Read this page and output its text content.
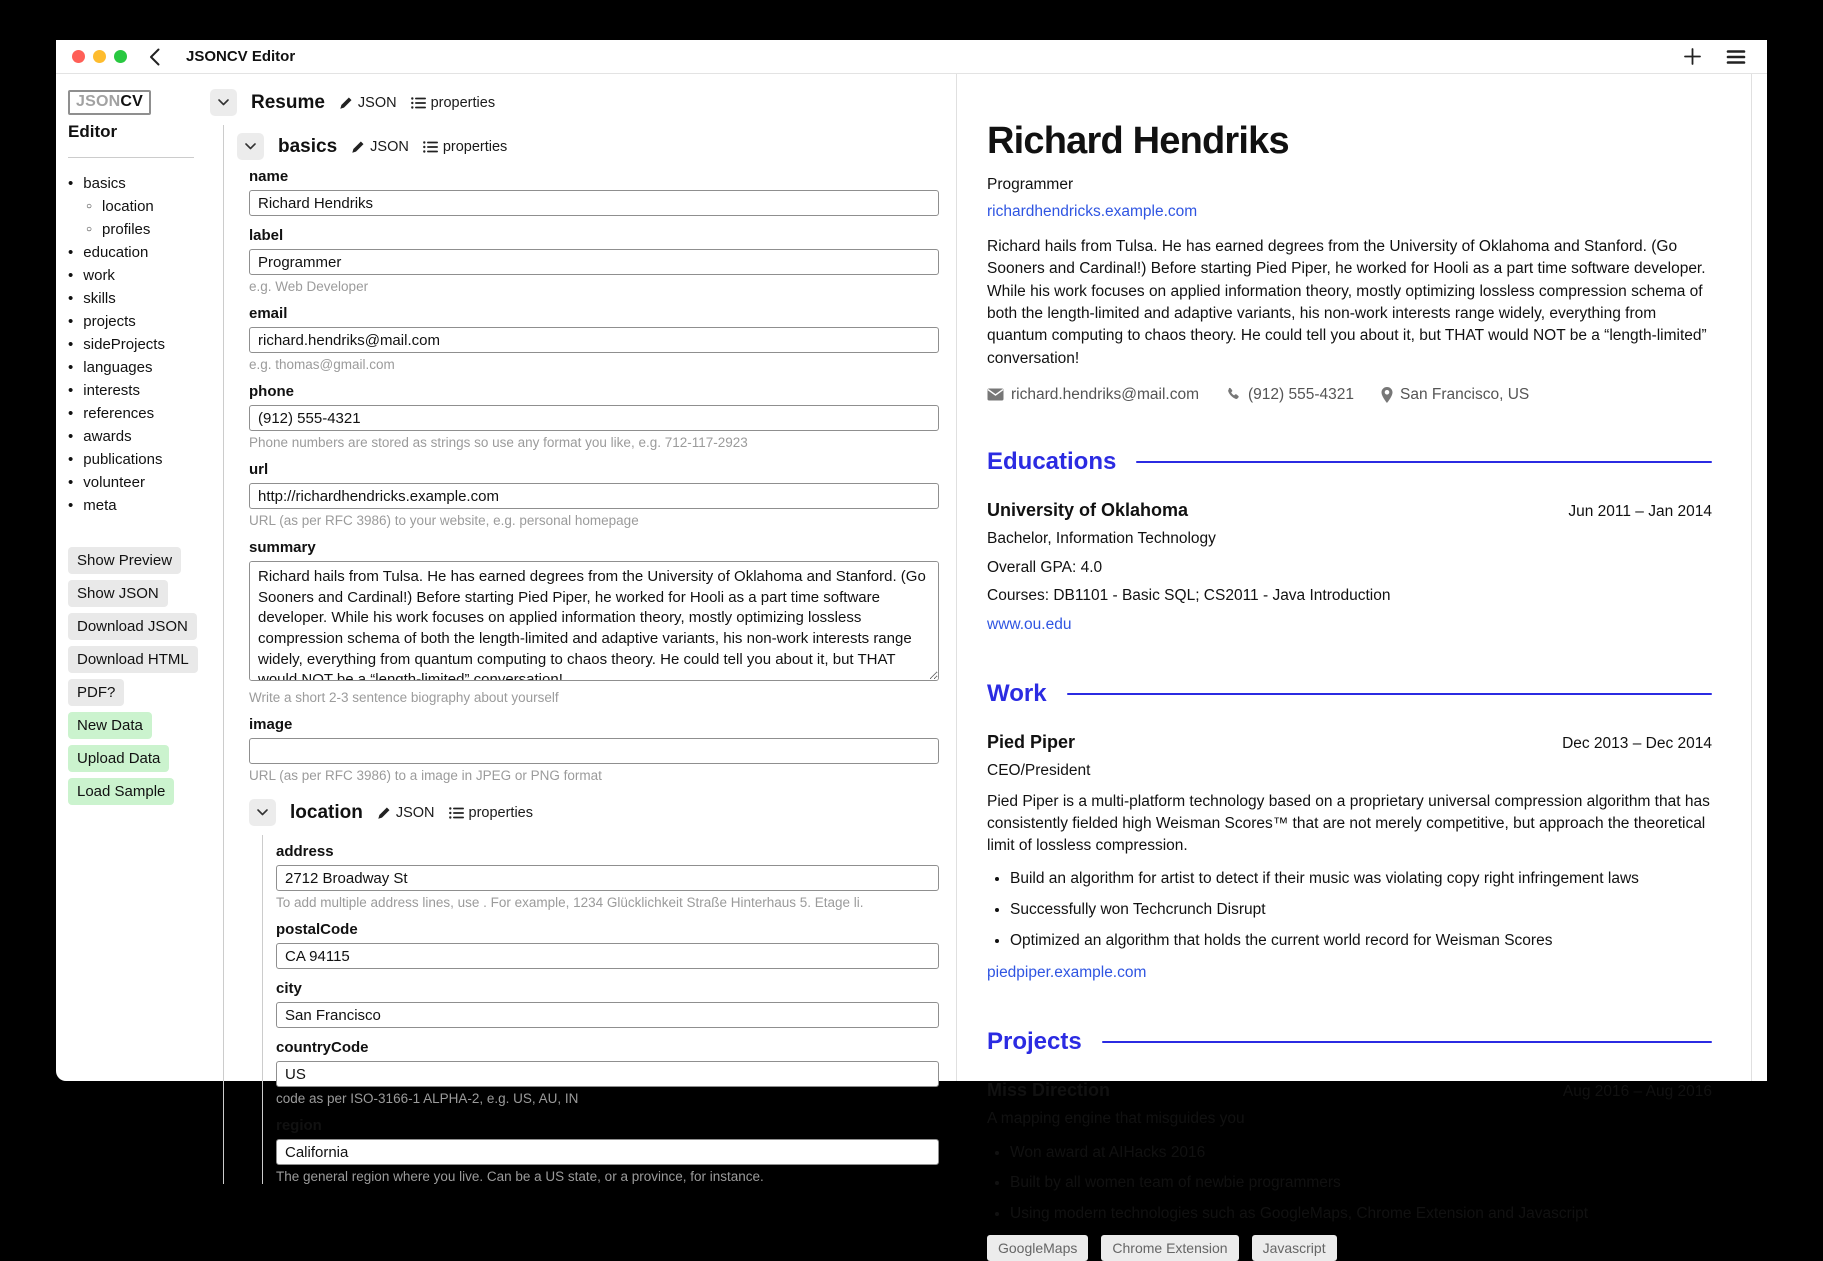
JSONCV Editor
JSONCV
Editor
• basics
○ location
○ profiles
• education
• work
• skills
• projects
• sideProjects
• languages
• interests
• references
• awards
• publications
• volunteer
• meta
Show Preview
Show JSON
Download JSON
Download HTML
PDF?
New Data
Upload Data
Load Sample
Resume JSON properties
basics JSON properties
name
Richard Hendriks
label
Programmer
e.g. Web Developer
email
richard.hendriks@mail.com
e.g. thomas@gmail.com
phone
(912) 555-4321
Phone numbers are stored as strings so use any format you like, e.g. 712-117-2923
url
http://richardhendricks.example.com
URL (as per RFC 3986) to your website, e.g. personal homepage
summary
Richard hails from Tulsa. He has earned degrees from the University of Oklahoma and Stanford. (Go Sooners and Cardinal!) Before starting Pied Piper, he worked for Hooli as a part time software developer. While his work focuses on applied information theory, mostly optimizing lossless compression schema of both the length-limited and adaptive variants, his non-work interests range widely, everything from quantum computing to chaos theory. He could tell you about it, but THAT would NOT be a “length-limited” conversation!
Write a short 2-3 sentence biography about yourself
image
URL (as per RFC 3986) to a image in JPEG or PNG format
location JSON properties
address
2712 Broadway St
To add multiple address lines, use . For example, 1234 Glücklichkeit Straße Hinterhaus 5. Etage li.
postalCode
CA 94115
city
San Francisco
countryCode
US
code as per ISO-3166-1 ALPHA-2, e.g. US, AU, IN
region
California
The general region where you live. Can be a US state, or a province, for instance.
Richard Hendriks
Programmer
richardhendricks.example.com
Richard hails from Tulsa. He has earned degrees from the University of Oklahoma and Stanford. (Go Sooners and Cardinal!) Before starting Pied Piper, he worked for Hooli as a part time software developer. While his work focuses on applied information theory, mostly optimizing lossless compression schema of both the length-limited and adaptive variants, his non-work interests range widely, everything from quantum computing to chaos theory. He could tell you about it, but THAT would NOT be a “length-limited” conversation!
richard.hendriks@mail.com	(912) 555-4321	San Francisco, US
Educations
University of Oklahoma	Jun 2011 – Jan 2014
Bachelor, Information Technology
Overall GPA: 4.0
Courses: DB1101 - Basic SQL; CS2011 - Java Introduction
www.ou.edu
Work
Pied Piper	Dec 2013 – Dec 2014
CEO/President
Pied Piper is a multi-platform technology based on a proprietary universal compression algorithm that has consistently fielded high Weisman Scores™ that are not merely competitive, but approach the theoretical limit of lossless compression.
• Build an algorithm for artist to detect if their music was violating copy right infringement laws
• Successfully won Techcrunch Disrupt
• Optimized an algorithm that holds the current world record for Weisman Scores
piedpiper.example.com
Projects
Miss Direction	Aug 2016 – Aug 2016
A mapping engine that misguides you
• Won award at AIHacks 2016
• Built by all women team of newbie programmers
• Using modern technologies such as GoogleMaps, Chrome Extension and Javascript
GoogleMaps	Chrome Extension	Javascript
